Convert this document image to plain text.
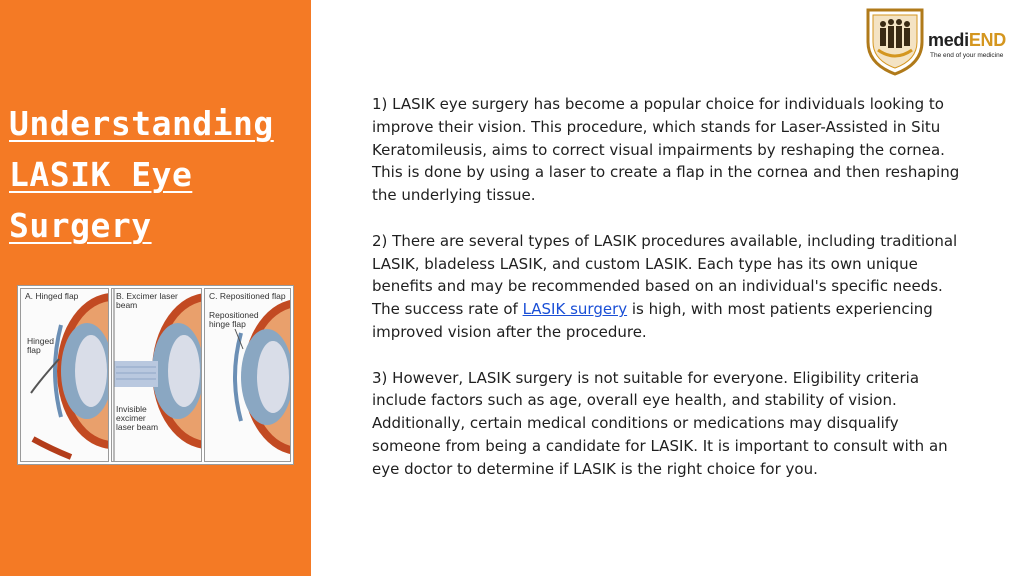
Understanding
LASIK Eye
Surgery
A. Hinged flap
Hinged
flap
B. Excimer laser
beam
Invisible
excimer
laser beam
C. Repositioned flap
Repositioned
hinge flap
mediEND
The end of your medicine

1) LASIK eye surgery has become a popular choice for individuals looking to improve their vision. This procedure, which stands for Laser-Assisted in Situ Keratomileusis, aims to correct visual impairments by reshaping the cornea. This is done by using a laser to create a flap in the cornea and then reshaping the underlying tissue.

2) There are several types of LASIK procedures available, including traditional LASIK, bladeless LASIK, and custom LASIK. Each type has its own unique benefits and may be recommended based on an individual's specific needs. The success rate of LASIK surgery is high, with most patients experiencing improved vision after the procedure.

3) However, LASIK surgery is not suitable for everyone. Eligibility criteria include factors such as age, overall eye health, and stability of vision. Additionally, certain medical conditions or medications may disqualify someone from being a candidate for LASIK. It is important to consult with an eye doctor to determine if LASIK is the right choice for you.
